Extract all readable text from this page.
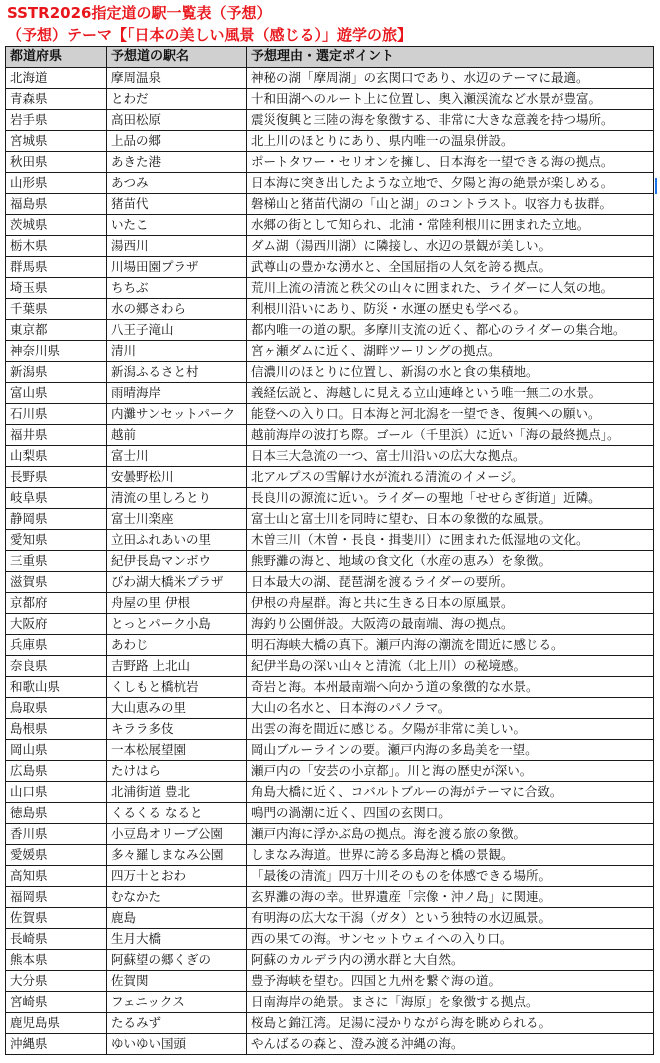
SSTR2026指定道の駅一覧表（予想）
（予想）テーマ【「日本の美しい風景（感じる）」遊学の旅】
都道府県	予想道の駅名	予想理由・選定ポイント
北海道	摩周温泉	神秘の湖「摩周湖」の玄関口であり、水辺のテーマに最適。
青森県	とわだ	十和田湖へのルート上に位置し、奥入瀬渓流など水景が豊富。
岩手県	高田松原	震災復興と三陸の海を象徴する、非常に大きな意義を持つ場所。
宮城県	上品の郷	北上川のほとりにあり、県内唯一の温泉併設。
秋田県	あきた港	ポートタワー・セリオンを擁し、日本海を一望できる海の拠点。
山形県	あつみ	日本海に突き出したような立地で、夕陽と海の絶景が楽しめる。
福島県	猪苗代	磐梯山と猪苗代湖の「山と湖」のコントラスト。収容力も抜群。
茨城県	いたこ	水郷の街として知られ、北浦・常陸利根川に囲まれた立地。
栃木県	湯西川	ダム湖（湯西川湖）に隣接し、水辺の景観が美しい。
群馬県	川場田園プラザ	武尊山の豊かな湧水と、全国屈指の人気を誇る拠点。
埼玉県	ちちぶ	荒川上流の清流と秩父の山々に囲まれた、ライダーに人気の地。
千葉県	水の郷さわら	利根川沿いにあり、防災・水運の歴史も学べる。
東京都	八王子滝山	都内唯一の道の駅。多摩川支流の近く、都心のライダーの集合地。
神奈川県	清川	宮ヶ瀬ダムに近く、湖畔ツーリングの拠点。
新潟県	新潟ふるさと村	信濃川のほとりに位置し、新潟の水と食の集積地。
富山県	雨晴海岸	義経伝説と、海越しに見える立山連峰という唯一無二の水景。
石川県	内灘サンセットパーク	能登への入り口。日本海と河北潟を一望でき、復興への願い。
福井県	越前	越前海岸の波打ち際。ゴール（千里浜）に近い「海の最終拠点」。
山梨県	富士川	日本三大急流の一つ、富士川沿いの広大な拠点。
長野県	安曇野松川	北アルプスの雪解け水が流れる清流のイメージ。
岐阜県	清流の里しろとり	長良川の源流に近い。ライダーの聖地「せせらぎ街道」近隣。
静岡県	富士川楽座	富士山と富士川を同時に望む、日本の象徴的な風景。
愛知県	立田ふれあいの里	木曽三川（木曽・長良・揖斐川）に囲まれた低湿地の文化。
三重県	紀伊長島マンボウ	熊野灘の海と、地域の食文化（水産の恵み）を象徴。
滋賀県	びわ湖大橋米プラザ	日本最大の湖、琵琶湖を渡るライダーの要所。
京都府	舟屋の里 伊根	伊根の舟屋群。海と共に生きる日本の原風景。
大阪府	とっとパーク小島	海釣り公園併設。大阪湾の最南端、海の拠点。
兵庫県	あわじ	明石海峡大橋の真下。瀬戸内海の潮流を間近に感じる。
奈良県	吉野路 上北山	紀伊半島の深い山々と清流（北上川）の秘境感。
和歌山県	くしもと橋杭岩	奇岩と海。本州最南端へ向かう道の象徴的な水景。
鳥取県	大山恵みの里	大山の名水と、日本海のパノラマ。
島根県	キララ多伎	出雲の海を間近に感じる。夕陽が非常に美しい。
岡山県	一本松展望園	岡山ブルーラインの要。瀬戸内海の多島美を一望。
広島県	たけはら	瀬戸内の「安芸の小京都」。川と海の歴史が深い。
山口県	北浦街道 豊北	角島大橋に近く、コバルトブルーの海がテーマに合致。
徳島県	くるくる なると	鳴門の渦潮に近く、四国の玄関口。
香川県	小豆島オリーブ公園	瀬戸内海に浮かぶ島の拠点。海を渡る旅の象徴。
愛媛県	多々羅しまなみ公園	しまなみ海道。世界に誇る多島海と橋の景観。
高知県	四万十とおわ	「最後の清流」四万十川そのものを体感できる場所。
福岡県	むなかた	玄界灘の海の幸。世界遺産「宗像・沖ノ島」に関連。
佐賀県	鹿島	有明海の広大な干潟（ガタ）という独特の水辺風景。
長崎県	生月大橋	西の果ての海。サンセットウェイへの入り口。
熊本県	阿蘇望の郷くぎの	阿蘇のカルデラ内の湧水群と大自然。
大分県	佐賀関	豊予海峡を望む。四国と九州を繋ぐ海の道。
宮崎県	フェニックス	日南海岸の絶景。まさに「海原」を象徴する拠点。
鹿児島県	たるみず	桜島と錦江湾。足湯に浸かりながら海を眺められる。
沖縄県	ゆいゆい国頭	やんばるの森と、澄み渡る沖縄の海。
